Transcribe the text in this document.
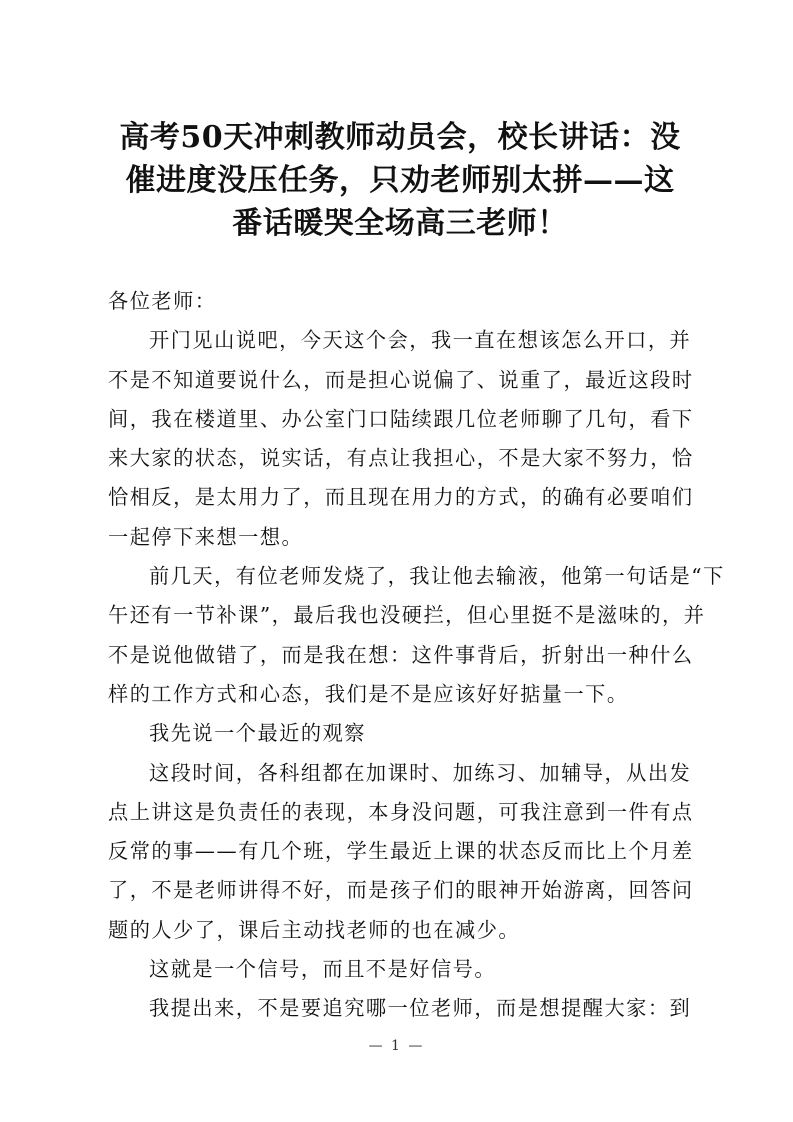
高考50天冲刺教师动员会，校长讲话：没
催进度没压任务，只劝老师别太拼——这
番话暖哭全场高三老师！
各位老师：
开门见山说吧，今天这个会，我一直在想该怎么开口，并
不是不知道要说什么，而是担心说偏了、说重了，最近这段时
间，我在楼道里、办公室门口陆续跟几位老师聊了几句，看下
来大家的状态，说实话，有点让我担心，不是大家不努力，恰
恰相反，是太用力了，而且现在用力的方式，的确有必要咱们
一起停下来想一想。
前几天，有位老师发烧了，我让他去输液，他第一句话是“下
午还有一节补课”，最后我也没硬拦，但心里挺不是滋味的，并
不是说他做错了，而是我在想：这件事背后，折射出一种什么
样的工作方式和心态，我们是不是应该好好掂量一下。
我先说一个最近的观察
这段时间，各科组都在加课时、加练习、加辅导，从出发
点上讲这是负责任的表现，本身没问题，可我注意到一件有点
反常的事——有几个班，学生最近上课的状态反而比上个月差
了，不是老师讲得不好，而是孩子们的眼神开始游离，回答问
题的人少了，课后主动找老师的也在减少。
这就是一个信号，而且不是好信号。
我提出来，不是要追究哪一位老师，而是想提醒大家：到
— 1 —
